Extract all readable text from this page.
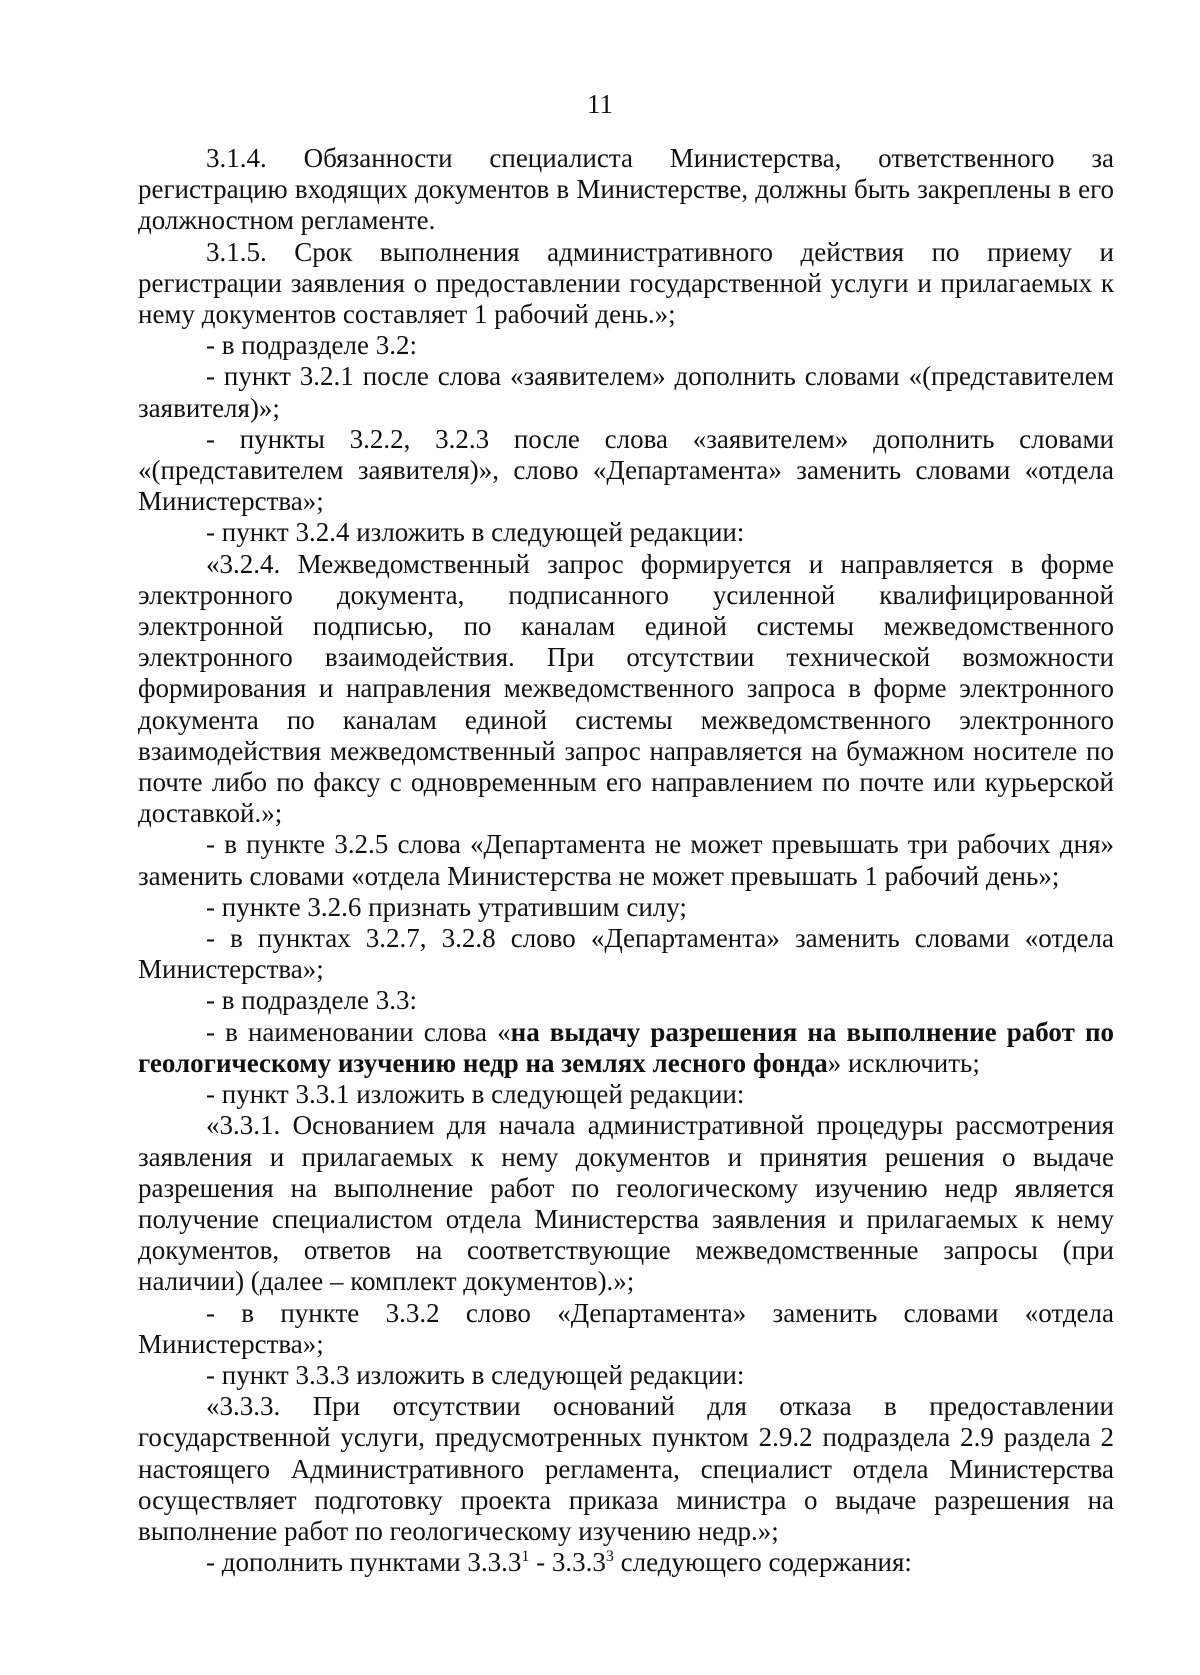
11

3.1.4. Обязанности специалиста Министерства, ответственного за регистрацию входящих документов в Министерстве, должны быть закреплены в его должностном регламенте.

3.1.5. Срок выполнения административного действия по приему и регистрации заявления о предоставлении государственной услуги и прилагаемых к нему документов составляет 1 рабочий день.»;

- в подразделе 3.2:

- пункт 3.2.1 после слова «заявителем» дополнить словами «(представителем заявителя)»;

- пункты 3.2.2, 3.2.3 после слова «заявителем» дополнить словами «(представителем заявителя)», слово «Департамента» заменить словами «отдела Министерства»;

- пункт 3.2.4 изложить в следующей редакции:

«3.2.4. Межведомственный запрос формируется и направляется в форме электронного документа, подписанного усиленной квалифицированной электронной подписью, по каналам единой системы межведомственного электронного взаимодействия. При отсутствии технической возможности формирования и направления межведомственного запроса в форме электронного документа по каналам единой системы межведомственного электронного взаимодействия межведомственный запрос направляется на бумажном носителе по почте либо по факсу с одновременным его направлением по почте или курьерской доставкой.»;

- в пункте 3.2.5 слова «Департамента не может превышать три рабочих дня» заменить словами «отдела Министерства не может превышать 1 рабочий день»;

- пункте 3.2.6 признать утратившим силу;

- в пунктах 3.2.7, 3.2.8 слово «Департамента» заменить словами «отдела Министерства»;

- в подразделе 3.3:

- в наименовании слова «на выдачу разрешения на выполнение работ по геологическому изучению недр на землях лесного фонда» исключить;

- пункт 3.3.1 изложить в следующей редакции:

«3.3.1. Основанием для начала административной процедуры рассмотрения заявления и прилагаемых к нему документов и принятия решения о выдаче разрешения на выполнение работ по геологическому изучению недр является получение специалистом отдела Министерства заявления и прилагаемых к нему документов, ответов на соответствующие межведомственные запросы (при наличии) (далее – комплект документов).»;

- в пункте 3.3.2 слово «Департамента» заменить словами «отдела Министерства»;

- пункт 3.3.3 изложить в следующей редакции:

«3.3.3. При отсутствии оснований для отказа в предоставлении государственной услуги, предусмотренных пунктом 2.9.2 подраздела 2.9 раздела 2 настоящего Административного регламента, специалист отдела Министерства осуществляет подготовку проекта приказа министра о выдаче разрешения на выполнение работ по геологическому изучению недр.»;

- дополнить пунктами 3.3.3$^1$ - 3.3.3$^3$ следующего содержания:
